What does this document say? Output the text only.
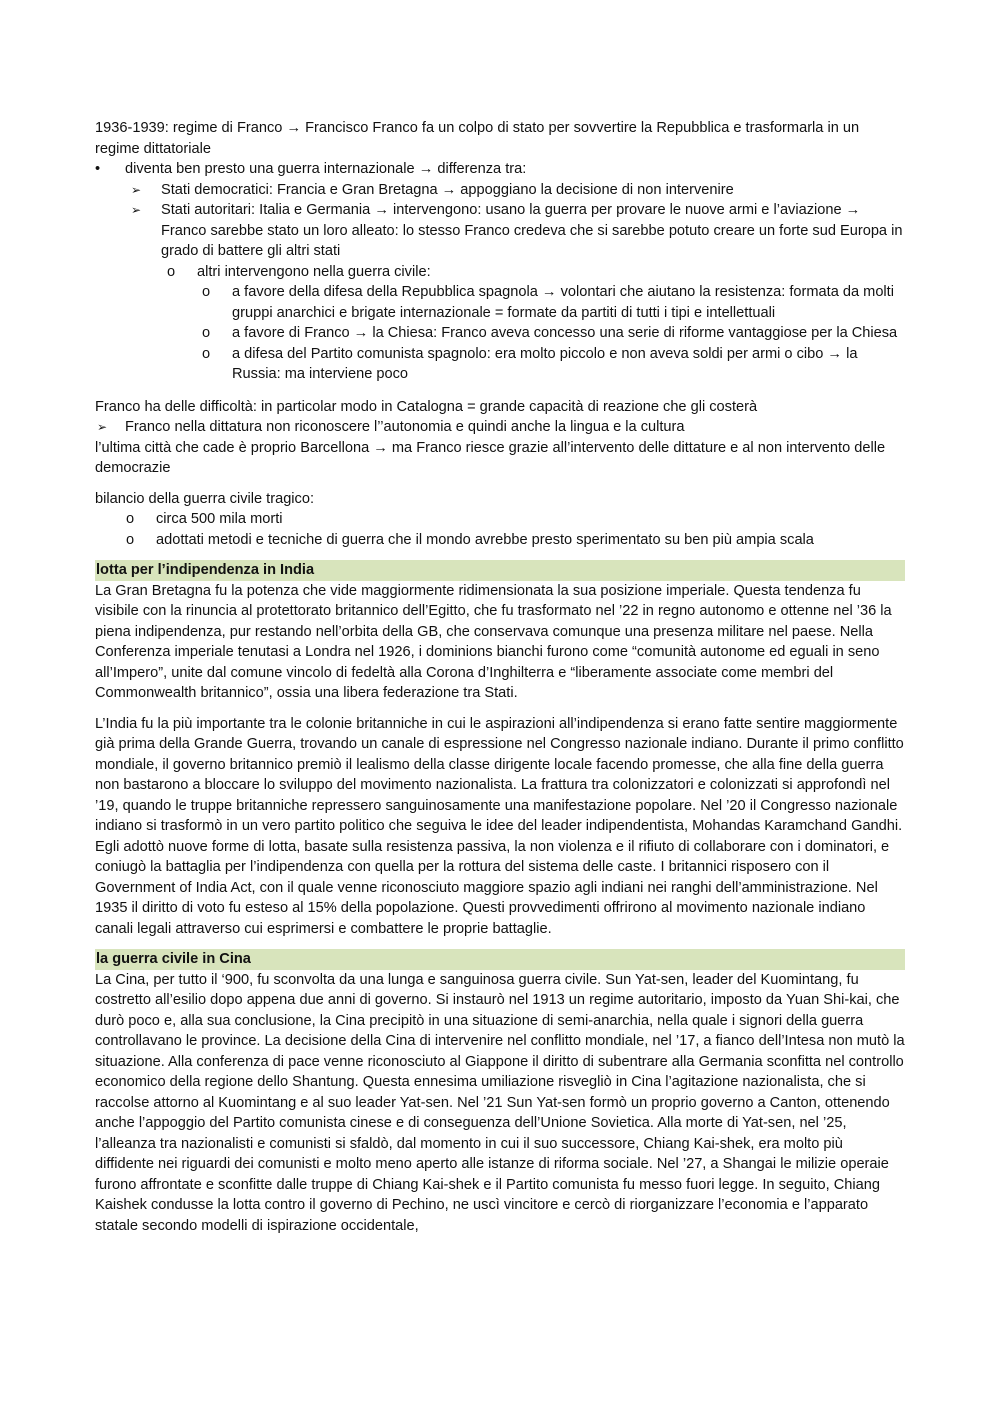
1936-1939: regime di Franco → Francisco Franco fa un colpo di stato per sovvertire la Repubblica e trasformarla in un regime dittatoriale

• diventa ben presto una guerra internazionale → differenza tra:
➢ Stati democratici: Francia e Gran Bretagna → appoggiano la decisione di non intervenire
➢ Stati autoritari: Italia e Germania → intervengono: usano la guerra per provare le nuove armi e l’aviazione → Franco sarebbe stato un loro alleato: lo stesso Franco credeva che si sarebbe potuto creare un forte sud Europa in grado di battere gli altri stati
o altri intervengono nella guerra civile:
o a favore della difesa della Repubblica spagnola → volontari che aiutano la resistenza: formata da molti gruppi anarchici e brigate internazionale = formate da partiti di tutti i tipi e intellettuali
o a favore di Franco → la Chiesa: Franco aveva concesso una serie di riforme vantaggiose per la Chiesa
o a difesa del Partito comunista spagnolo: era molto piccolo e non aveva soldi per armi o cibo → la Russia: ma interviene poco

Franco ha delle difficoltà: in particolar modo in Catalogna = grande capacità di reazione che gli costerà

➢ Franco nella dittatura non riconoscere l’’autonomia e quindi anche la lingua e la cultura

l’ultima città che cade è proprio Barcellona → ma Franco riesce grazie all’intervento delle dittature e al non intervento delle democrazie

bilancio della guerra civile tragico:

o circa 500 mila morti
o adottati metodi e tecniche di guerra che il mondo avrebbe presto sperimentato su ben più ampia scala
lotta per l’indipendenza in India

La Gran Bretagna fu la potenza che vide maggiormente ridimensionata la sua posizione imperiale. Questa tendenza fu visibile con la rinuncia al protettorato britannico dell’Egitto, che fu trasformato nel ’22 in regno autonomo e ottenne nel ’36 la piena indipendenza, pur restando nell’orbita della GB, che conservava comunque una presenza militare nel paese. Nella Conferenza imperiale tenutasi a Londra nel 1926, i dominions bianchi furono come “comunità autonome ed eguali in seno all’Impero”, unite dal comune vincolo di fedeltà alla Corona d’Inghilterra e “liberamente associate come membri del Commonwealth britannico”, ossia una libera federazione tra Stati.

L’India fu la più importante tra le colonie britanniche in cui le aspirazioni all’indipendenza si erano fatte sentire maggiormente già prima della Grande Guerra, trovando un canale di espressione nel Congresso nazionale indiano. Durante il primo conflitto mondiale, il governo britannico premiò il lealismo della classe dirigente locale facendo promesse, che alla fine della guerra non bastarono a bloccare lo sviluppo del movimento nazionalista. La frattura tra colonizzatori e colonizzati si approfondì nel ’19, quando le truppe britanniche repressero sanguinosamente una manifestazione popolare. Nel ’20 il Congresso nazionale indiano si trasformò in un vero partito politico che seguiva le idee del leader indipendentista, Mohandas Karamchand Gandhi. Egli adottò nuove forme di lotta, basate sulla resistenza passiva, la non violenza e il rifiuto di collaborare con i dominatori, e coniugò la battaglia per l’indipendenza con quella per la rottura del sistema delle caste. I britannici risposero con il Government of India Act, con il quale venne riconosciuto maggiore spazio agli indiani nei ranghi dell’amministrazione. Nel 1935 il diritto di voto fu esteso al 15% della popolazione. Questi provvedimenti offrirono al movimento nazionale indiano canali legali attraverso cui esprimersi e combattere le proprie battaglie.

la guerra civile in Cina

La Cina, per tutto il ‘900, fu sconvolta da una lunga e sanguinosa guerra civile. Sun Yat-sen, leader del Kuomintang, fu costretto all’esilio dopo appena due anni di governo. Si instaurò nel 1913 un regime autoritario, imposto da Yuan Shi-kai, che durò poco e, alla sua conclusione, la Cina precipitò in una situazione di semi-anarchia, nella quale i signori della guerra controllavano le province. La decisione della Cina di intervenire nel conflitto mondiale, nel ’17, a fianco dell’Intesa non mutò la situazione. Alla conferenza di pace venne riconosciuto al Giappone il diritto di subentrare alla Germania sconfitta nel controllo economico della regione dello Shantung. Questa ennesima umiliazione risvegliò in Cina l’agitazione nazionalista, che si raccolse attorno al Kuomintang e al suo leader Yat-sen. Nel ’21 Sun Yat-sen formò un proprio governo a Canton, ottenendo anche l’appoggio del Partito comunista cinese e di conseguenza dell’Unione Sovietica. Alla morte di Yat-sen, nel ’25, l’alleanza tra nazionalisti e comunisti si sfaldò, dal momento in cui il suo successore, Chiang Kai-shek, era molto più diffidente nei riguardi dei comunisti e molto meno aperto alle istanze di riforma sociale. Nel ’27, a Shangai le milizie operaie furono affrontate e sconfitte dalle truppe di Chiang Kai-shek e il Partito comunista fu messo fuori legge. In seguito, Chiang Kaishek condusse la lotta contro il governo di Pechino, ne uscì vincitore e cercò di riorganizzare l’economia e l’apparato statale secondo modelli di ispirazione occidentale,
